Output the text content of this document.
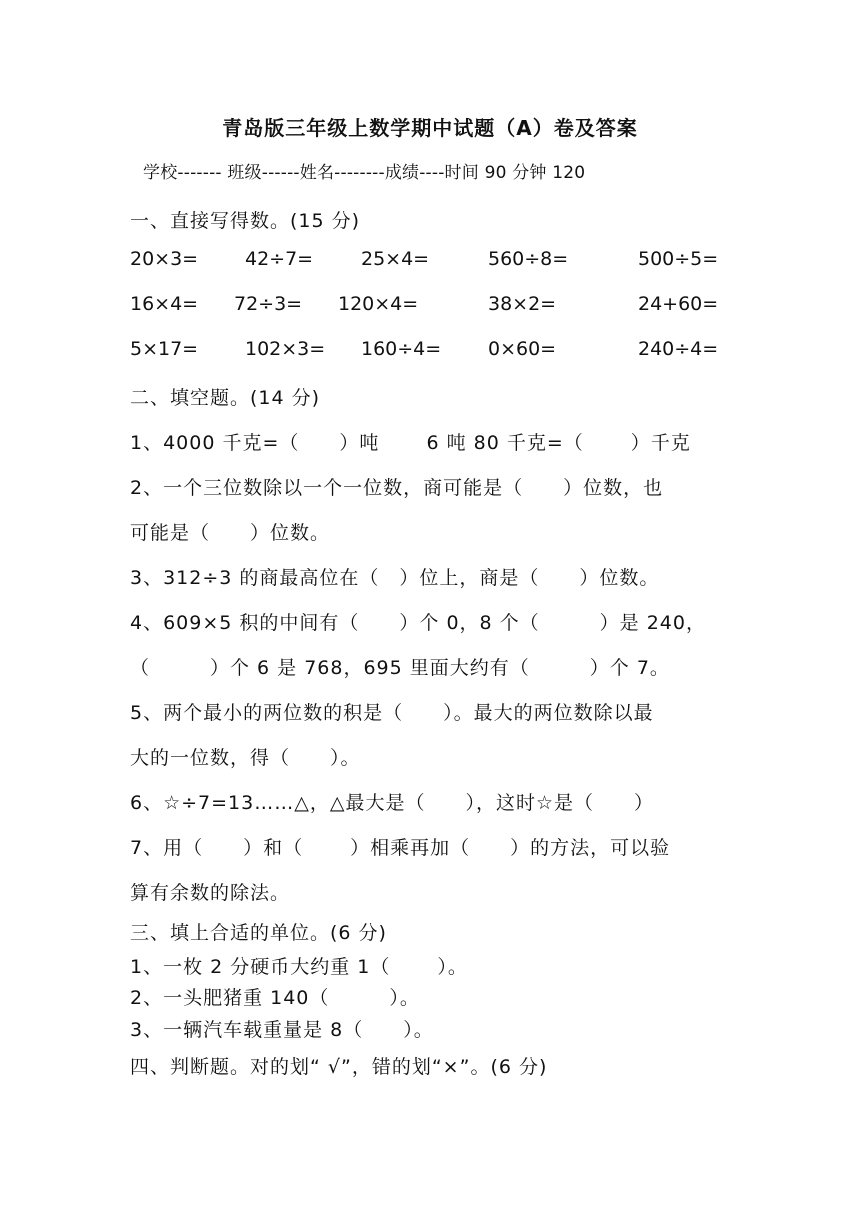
青岛版三年级上数学期中试题（A）卷及答案
学校------- 班级------姓名--------成绩----时间 90 分钟 120
一、直接写得数。(15 分)
20×3= 42÷7=	25×4=	560÷8=	500÷5=
16×4= 72÷3= 120×4=	38×2=	24+60=
5×17= 102×3= 160÷4= 0×60=	240÷4=
二、填空题。(14 分)
1、4000 千克=（　　）吨　　 6 吨 80 千克=（　　 ）千克
2、一个三位数除以一个一位数，商可能是（　　）位数，也
可能是（　　）位数。
3、312÷3 的商最高位在（　）位上，商是（　　）位数。
4、609×5 积的中间有（　　）个 0，8 个（　　　）是 240，
（　　　）个 6 是 768，695 里面大约有（　　　）个 7。
5、两个最小的两位数的积是（　　）。最大的两位数除以最
大的一位数，得（　　）。
6、☆÷7=13……△，△最大是（　　），这时☆是（　　）
7、用（　　）和（　　 ）相乘再加（　　）的方法，可以验
算有余数的除法。
三、填上合适的单位。(6 分)
1、一枚 2 分硬币大约重 1（　　 ）。
2、一头肥猪重 140（　　　）。
3、一辆汽车载重量是 8（　　）。
四、判断题。对的划“ √”，错的划“×”。(6 分)
